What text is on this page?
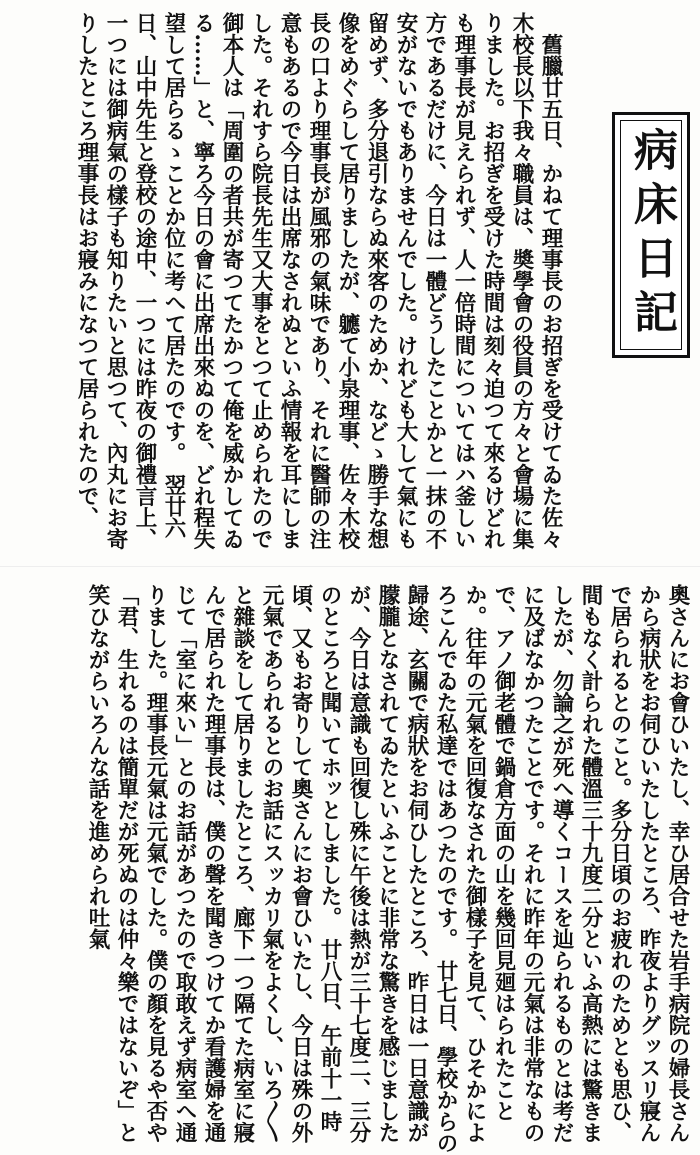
病床日記
　舊臘廿五日、かねて理事長のお招ぎを受けてゐた佐々木校長以下我々職員は、奬學會の役員の方々と會場に集りました。お招ぎを受けた時間は刻々迫つて來るけどれも理事長が見えられず、人一倍時間についてはハ釜しい方であるだけに、今日は一體どうしたことかと一抹の不安がないでもありませんでした。けれども大して氣にも留めず、多分退引ならぬ來客のためか、などゝ勝手な想像をめぐらして居りましたが、軈て小泉理事、佐々木校長の口より理事長が風邪の氣味であり、それに醫師の注意もあるので今日は出席なされぬといふ情報を耳にしました。それすら院長先生又大事をとつて止められたので御本人は「周圍の者共が寄つてたかつて俺を威かしてゐる……」と、寧ろ今日の會に出席出來ぬのを、どれ程失望して居らるゝことか位に考へて居たのです。　翌廿六日、山中先生と登校の途中、一つには昨夜の御禮言上、一つには御病氣の樣子も知りたいと思つて、內丸にお寄りしたところ理事長はお寢みになつて居られたので、
奧さんにお會ひいたし、幸ひ居合せた岩手病院の婦長さんから病狀をお伺ひいたしたところ、昨夜よりグッスリ寢んで居られるとのこと。多分日頃のお疲れのためとも思ひ、間もなく計られた體溫三十九度二分といふ高熱には驚きましたが、勿論之が死へ導くコースを辿られるものとは考だに及ばなかつたことです。それに昨年の元氣は非常なもので、アノ御老體で鍋倉方面の山を幾回見廻はられたことか。往年の元氣を回復なされた御樣子を見て、ひそかによろこんでゐた私達ではあつたのです。　廿七日、學校からの歸途、玄關で病狀をお伺ひしたところ、昨日は一日意識が朦朧となされてゐたといふことに非常な驚きを感じましたが、今日は意識も回復し殊に午後は熱が三十七度二、三分のところと聞いてホッとしました。　廿八日、午前十一時頃、又もお寄りして奧さんにお會ひいたし、今日は殊の外元氣であられるとのお話にスッカリ氣をよくし、いろ〳〵と雜談をして居りましたところ、廊下一つ隔てた病室に寢んで居られた理事長は、僕の聲を聞きつけてか看護婦を通じて「室に來い」とのお話があつたので取敢えず病室へ通りました。理事長元氣は元氣でした。僕の顏を見るや否や「君、生れるのは簡單だが死ぬのは仲々樂ではないぞ」と笑ひながらいろんな話を進められ吐氣
